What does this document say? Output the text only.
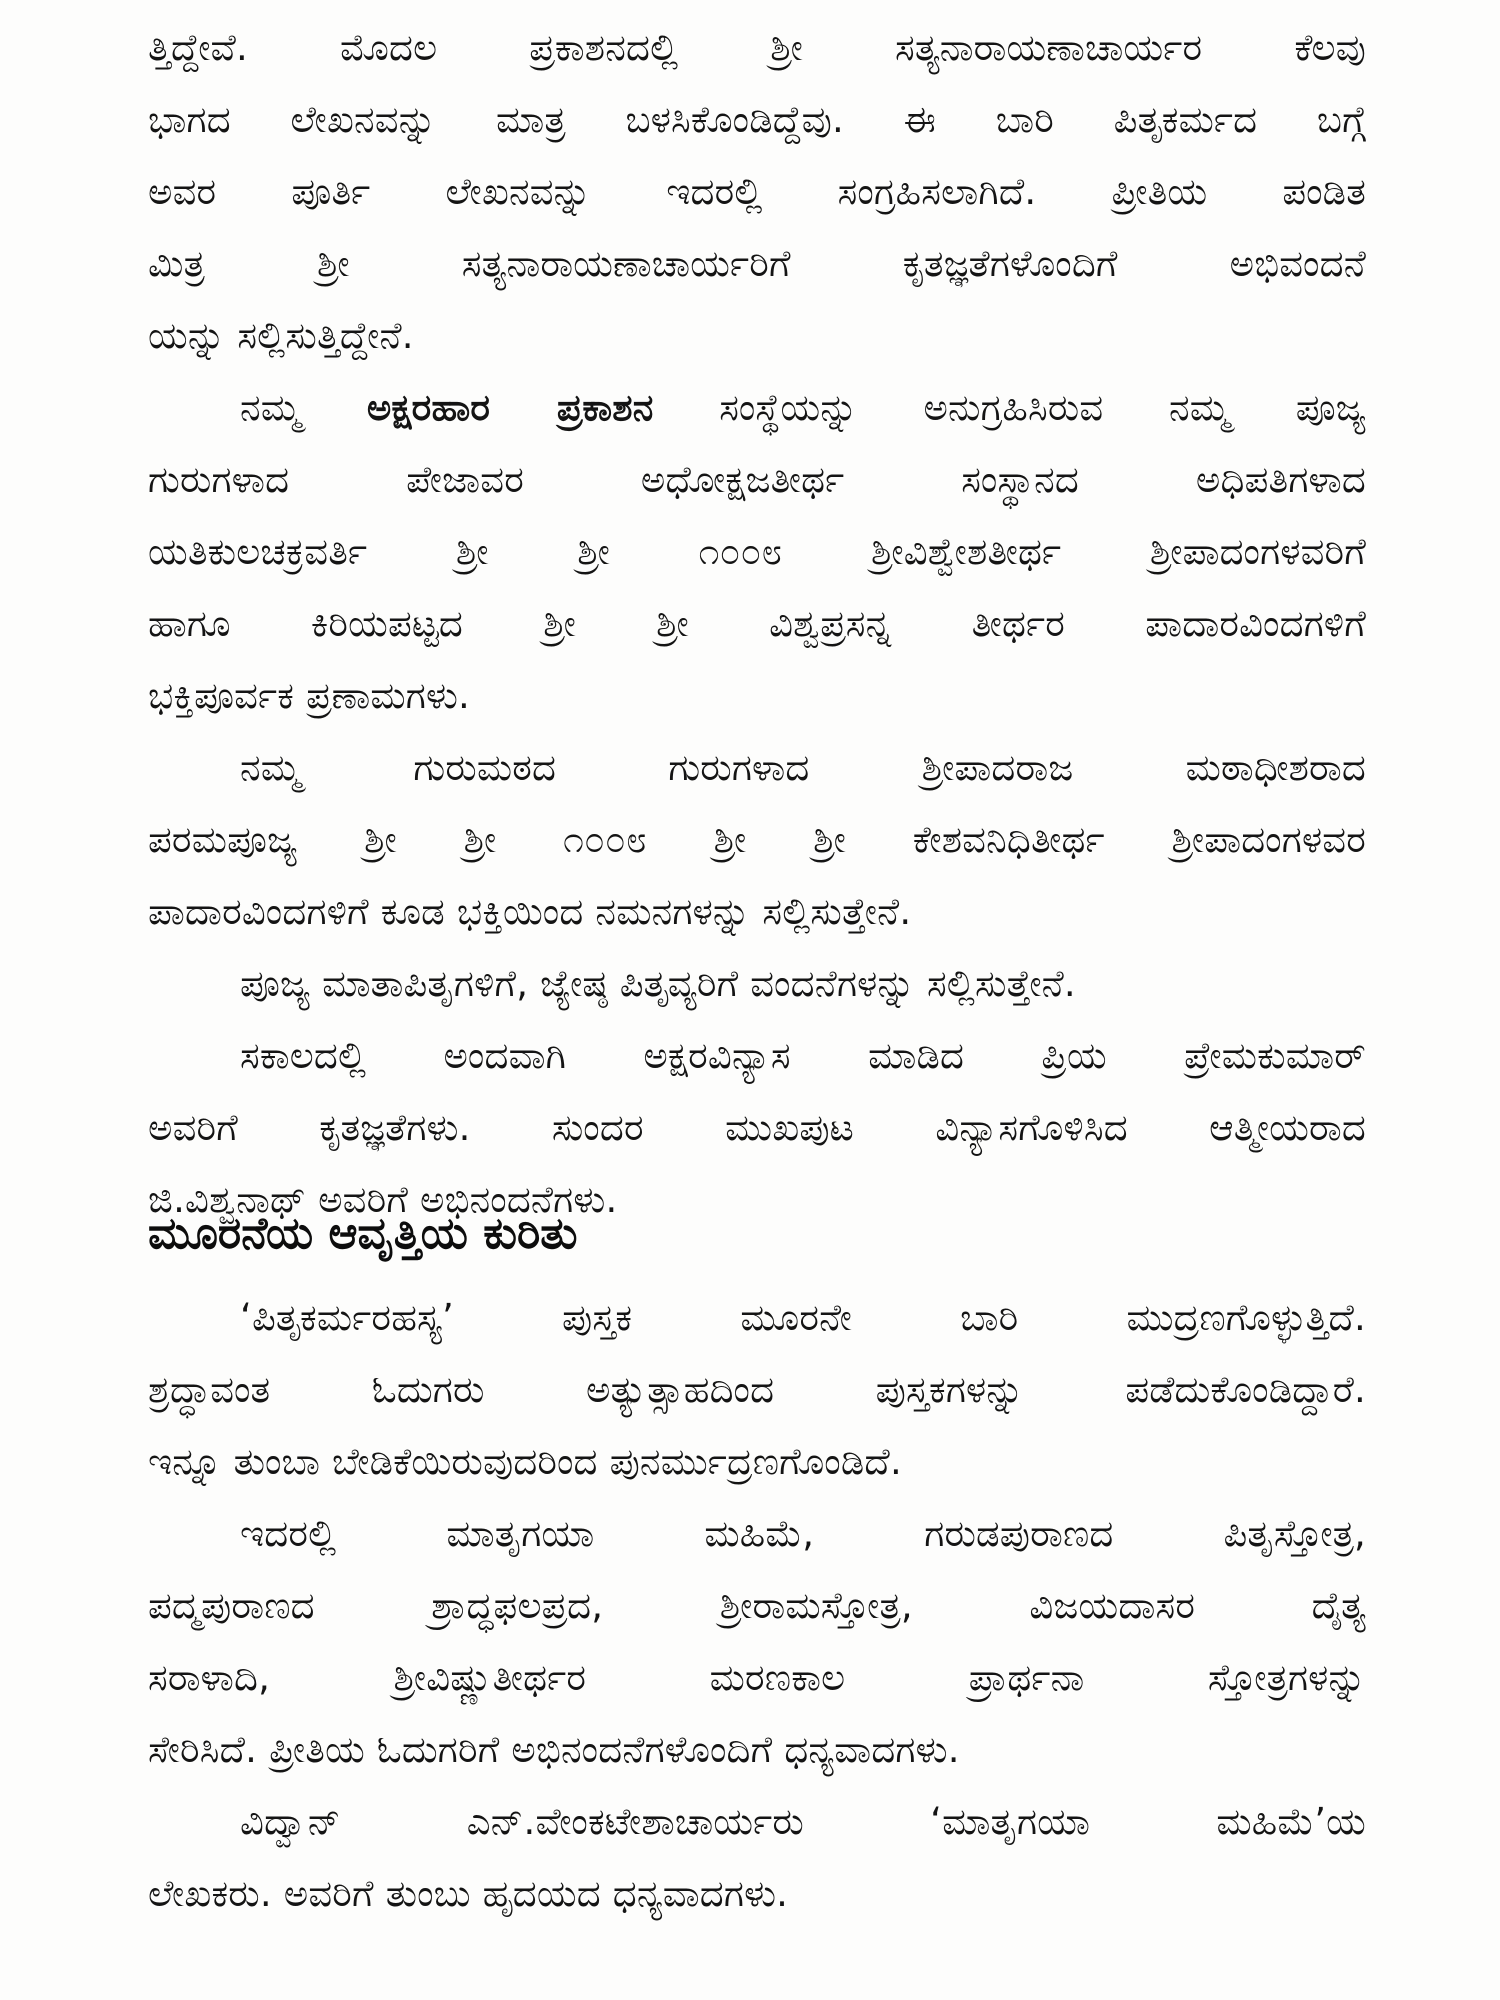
ತ್ತಿದ್ದೇವೆ. ಮೊದಲ ಪ್ರಕಾಶನದಲ್ಲಿ ಶ್ರೀ ಸತ್ಯನಾರಾಯಣಾಚಾರ್ಯರ ಕೆಲವು
ಭಾಗದ ಲೇಖನವನ್ನು ಮಾತ್ರ ಬಳಸಿಕೊಂಡಿದ್ದೆವು. ಈ ಬಾರಿ ಪಿತೃಕರ್ಮದ ಬಗ್ಗೆ
ಅವರ ಪೂರ್ತಿ ಲೇಖನವನ್ನು ಇದರಲ್ಲಿ ಸಂಗ್ರಹಿಸಲಾಗಿದೆ. ಪ್ರೀತಿಯ ಪಂಡಿತ
ಮಿತ್ರ ಶ್ರೀ ಸತ್ಯನಾರಾಯಣಾಚಾರ್ಯರಿಗೆ ಕೃತಜ್ಞತೆಗಳೊಂದಿಗೆ ಅಭಿವಂದನೆ
ಯನ್ನು ಸಲ್ಲಿಸುತ್ತಿದ್ದೇನೆ.
ನಮ್ಮ ಅಕ್ಷರಹಾರ ಪ್ರಕಾಶನ ಸಂಸ್ಥೆಯನ್ನು ಅನುಗ್ರಹಿಸಿರುವ ನಮ್ಮ ಪೂಜ್ಯ
ಗುರುಗಳಾದ ಪೇಜಾವರ ಅಧೋಕ್ಷಜತೀರ್ಥ ಸಂಸ್ಥಾನದ ಅಧಿಪತಿಗಳಾದ
ಯತಿಕುಲಚಕ್ರವರ್ತಿ ಶ್ರೀ ಶ್ರೀ ೧೦೦೮ ಶ್ರೀವಿಶ್ವೇಶತೀರ್ಥ ಶ್ರೀಪಾದಂಗಳವರಿಗೆ
ಹಾಗೂ ಕಿರಿಯಪಟ್ಟದ ಶ್ರೀ ಶ್ರೀ ವಿಶ್ವಪ್ರಸನ್ನ ತೀರ್ಥರ ಪಾದಾರವಿಂದಗಳಿಗೆ
ಭಕ್ತಿಪೂರ್ವಕ ಪ್ರಣಾಮಗಳು.
ನಮ್ಮ ಗುರುಮಠದ ಗುರುಗಳಾದ ಶ್ರೀಪಾದರಾಜ ಮಠಾಧೀಶರಾದ
ಪರಮಪೂಜ್ಯ ಶ್ರೀ ಶ್ರೀ ೧೦೦೮ ಶ್ರೀ ಶ್ರೀ ಕೇಶವನಿಧಿತೀರ್ಥ ಶ್ರೀಪಾದಂಗಳವರ
ಪಾದಾರವಿಂದಗಳಿಗೆ ಕೂಡ ಭಕ್ತಿಯಿಂದ ನಮನಗಳನ್ನು ಸಲ್ಲಿಸುತ್ತೇನೆ.
ಪೂಜ್ಯ ಮಾತಾಪಿತೃಗಳಿಗೆ, ಜ್ಯೇಷ್ಠ ಪಿತೃವ್ಯರಿಗೆ ವಂದನೆಗಳನ್ನು ಸಲ್ಲಿಸುತ್ತೇನೆ.
ಸಕಾಲದಲ್ಲಿ ಅಂದವಾಗಿ ಅಕ್ಷರವಿನ್ಯಾಸ ಮಾಡಿದ ಪ್ರಿಯ ಪ್ರೇಮಕುಮಾರ್
ಅವರಿಗೆ ಕೃತಜ್ಞತೆಗಳು. ಸುಂದರ ಮುಖಪುಟ ವಿನ್ಯಾಸಗೊಳಿಸಿದ ಆತ್ಮೀಯರಾದ
ಜಿ.ವಿಶ್ವನಾಥ್ ಅವರಿಗೆ ಅಭಿನಂದನೆಗಳು.
ಮೂರನೆಯ ಆವೃತ್ತಿಯ ಕುರಿತು
‘ಪಿತೃಕರ್ಮರಹಸ್ಯ’ ಪುಸ್ತಕ ಮೂರನೇ ಬಾರಿ ಮುದ್ರಣಗೊಳ್ಳುತ್ತಿದೆ.
ಶ್ರದ್ಧಾವಂತ ಓದುಗರು ಅತ್ಯುತ್ಸಾಹದಿಂದ ಪುಸ್ತಕಗಳನ್ನು ಪಡೆದುಕೊಂಡಿದ್ದಾರೆ.
ಇನ್ನೂ ತುಂಬಾ ಬೇಡಿಕೆಯಿರುವುದರಿಂದ ಪುನರ್ಮುದ್ರಣಗೊಂಡಿದೆ.
ಇದರಲ್ಲಿ ಮಾತೃಗಯಾ ಮಹಿಮೆ, ಗರುಡಪುರಾಣದ ಪಿತೃಸ್ತೋತ್ರ,
ಪದ್ಮಪುರಾಣದ ಶ್ರಾದ್ಧಫಲಪ್ರದ, ಶ್ರೀರಾಮಸ್ತೋತ್ರ, ವಿಜಯದಾಸರ ದೈತ್ಯ
ಸರಾಳಾದಿ, ಶ್ರೀವಿಷ್ಣುತೀರ್ಥರ ಮರಣಕಾಲ ಪ್ರಾರ್ಥನಾ ಸ್ತೋತ್ರಗಳನ್ನು
ಸೇರಿಸಿದೆ. ಪ್ರೀತಿಯ ಓದುಗರಿಗೆ ಅಭಿನಂದನೆಗಳೊಂದಿಗೆ ಧನ್ಯವಾದಗಳು.
ವಿದ್ವಾನ್ ಎನ್.ವೇಂಕಟೇಶಾಚಾರ್ಯರು ‘ಮಾತೃಗಯಾ ಮಹಿಮೆ’ಯ
ಲೇಖಕರು. ಅವರಿಗೆ ತುಂಬು ಹೃದಯದ ಧನ್ಯವಾದಗಳು.
